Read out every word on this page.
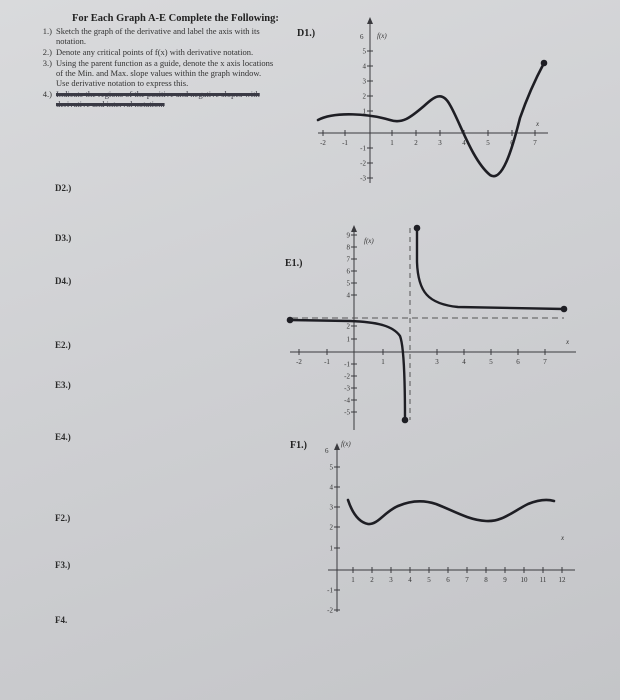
For Each Graph A-E Complete the Following:
1.) Sketch the graph of the derivative and label the axis with its notation.
2.) Denote any critical points of f(x) with derivative notation.
3.) Using the parent function as a guide, denote the x axis locations of the Min. and Max. slope values within the graph window. Use derivative notation to express this.
4.) Indicate the regions of the positive and negative slopes with derivative and interval notation.
D2.)
D3.)
D4.)
E2.)
E3.)
E4.)
F2.)
F3.)
F4.
D1.)
E1.)
F1.)
6 f(x)
5
4
3
2
1
-1
-2
-3
-2 -1	1	2	3	4	5	6	7
x
f(x)
9
8
7
6
5
4
2
1
-1
-2
-3
-4
-5
-2	-1	1	3	4	5	6	7
x
6
f(x)
5
4
3
2
1
-1
-2
1 2 3 4 5 6 7 8 9 10 11 12
x
